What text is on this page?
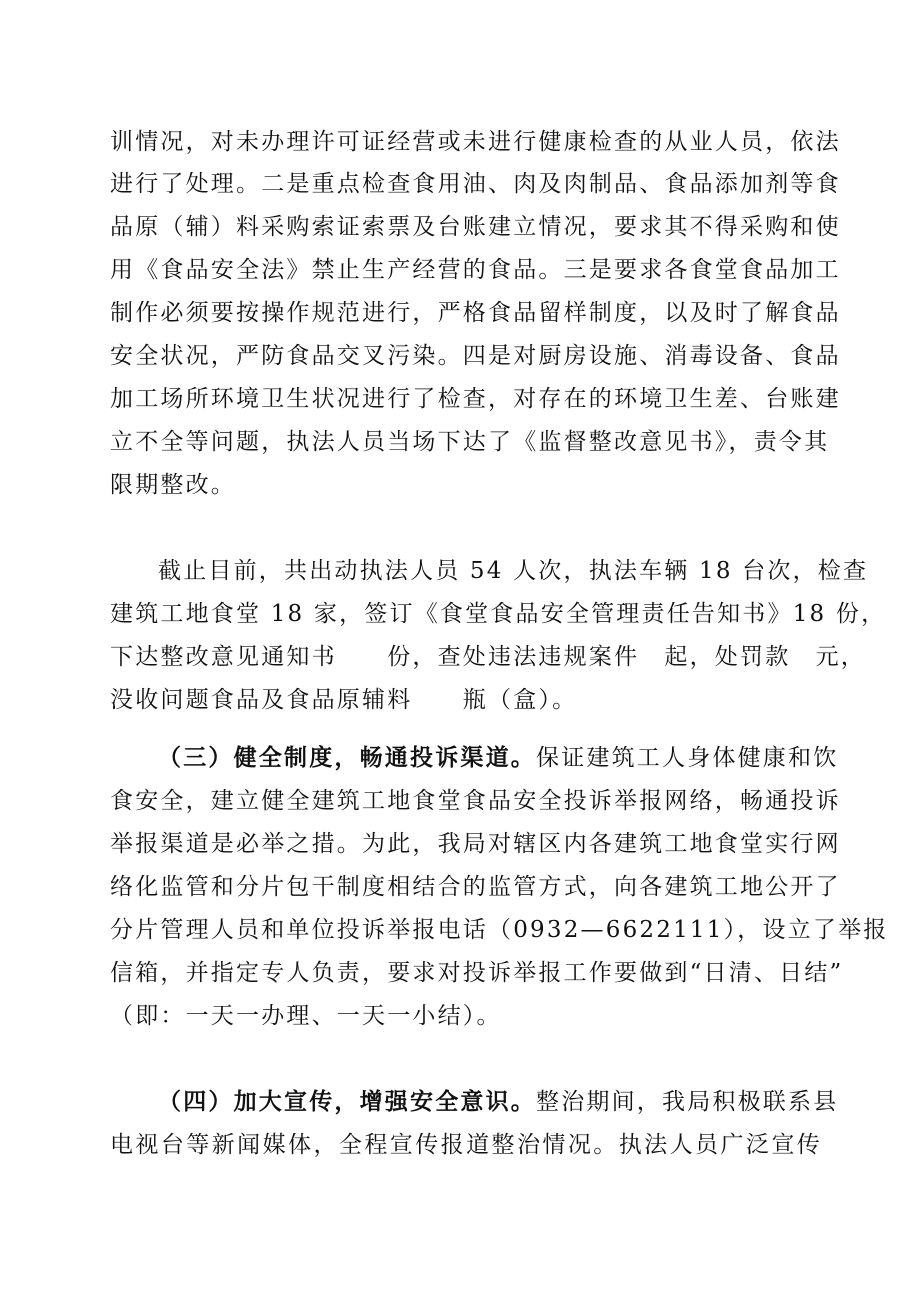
训情况，对未办理许可证经营或未进行健康检查的从业人员，依法
进行了处理。二是重点检查食用油、肉及肉制品、食品添加剂等食
品原（辅）料采购索证索票及台账建立情况，要求其不得采购和使
用《食品安全法》禁止生产经营的食品。三是要求各食堂食品加工
制作必须要按操作规范进行，严格食品留样制度，以及时了解食品
安全状况，严防食品交叉污染。四是对厨房设施、消毒设备、食品
加工场所环境卫生状况进行了检查，对存在的环境卫生差、台账建
立不全等问题，执法人员当场下达了《监督整改意见书》，责令其
限期整改。
截止目前，共出动执法人员 54 人次，执法车辆 18 台次，检查
建筑工地食堂 18 家，签订《食堂食品安全管理责任告知书》18 份，
下达整改意见通知书　　份，查处违法违规案件　起，处罚款　元，
没收问题食品及食品原辅料　　瓶（盒）。
（三）健全制度，畅通投诉渠道。保证建筑工人身体健康和饮
食安全，建立健全建筑工地食堂食品安全投诉举报网络，畅通投诉
举报渠道是必举之措。为此，我局对辖区内各建筑工地食堂实行网
络化监管和分片包干制度相结合的监管方式，向各建筑工地公开了
分片管理人员和单位投诉举报电话（0932—6622111），设立了举报
信箱，并指定专人负责，要求对投诉举报工作要做到“日清、日结”
（即：一天一办理、一天一小结）。
（四）加大宣传，增强安全意识。整治期间，我局积极联系县
电视台等新闻媒体，全程宣传报道整治情况。执法人员广泛宣传
